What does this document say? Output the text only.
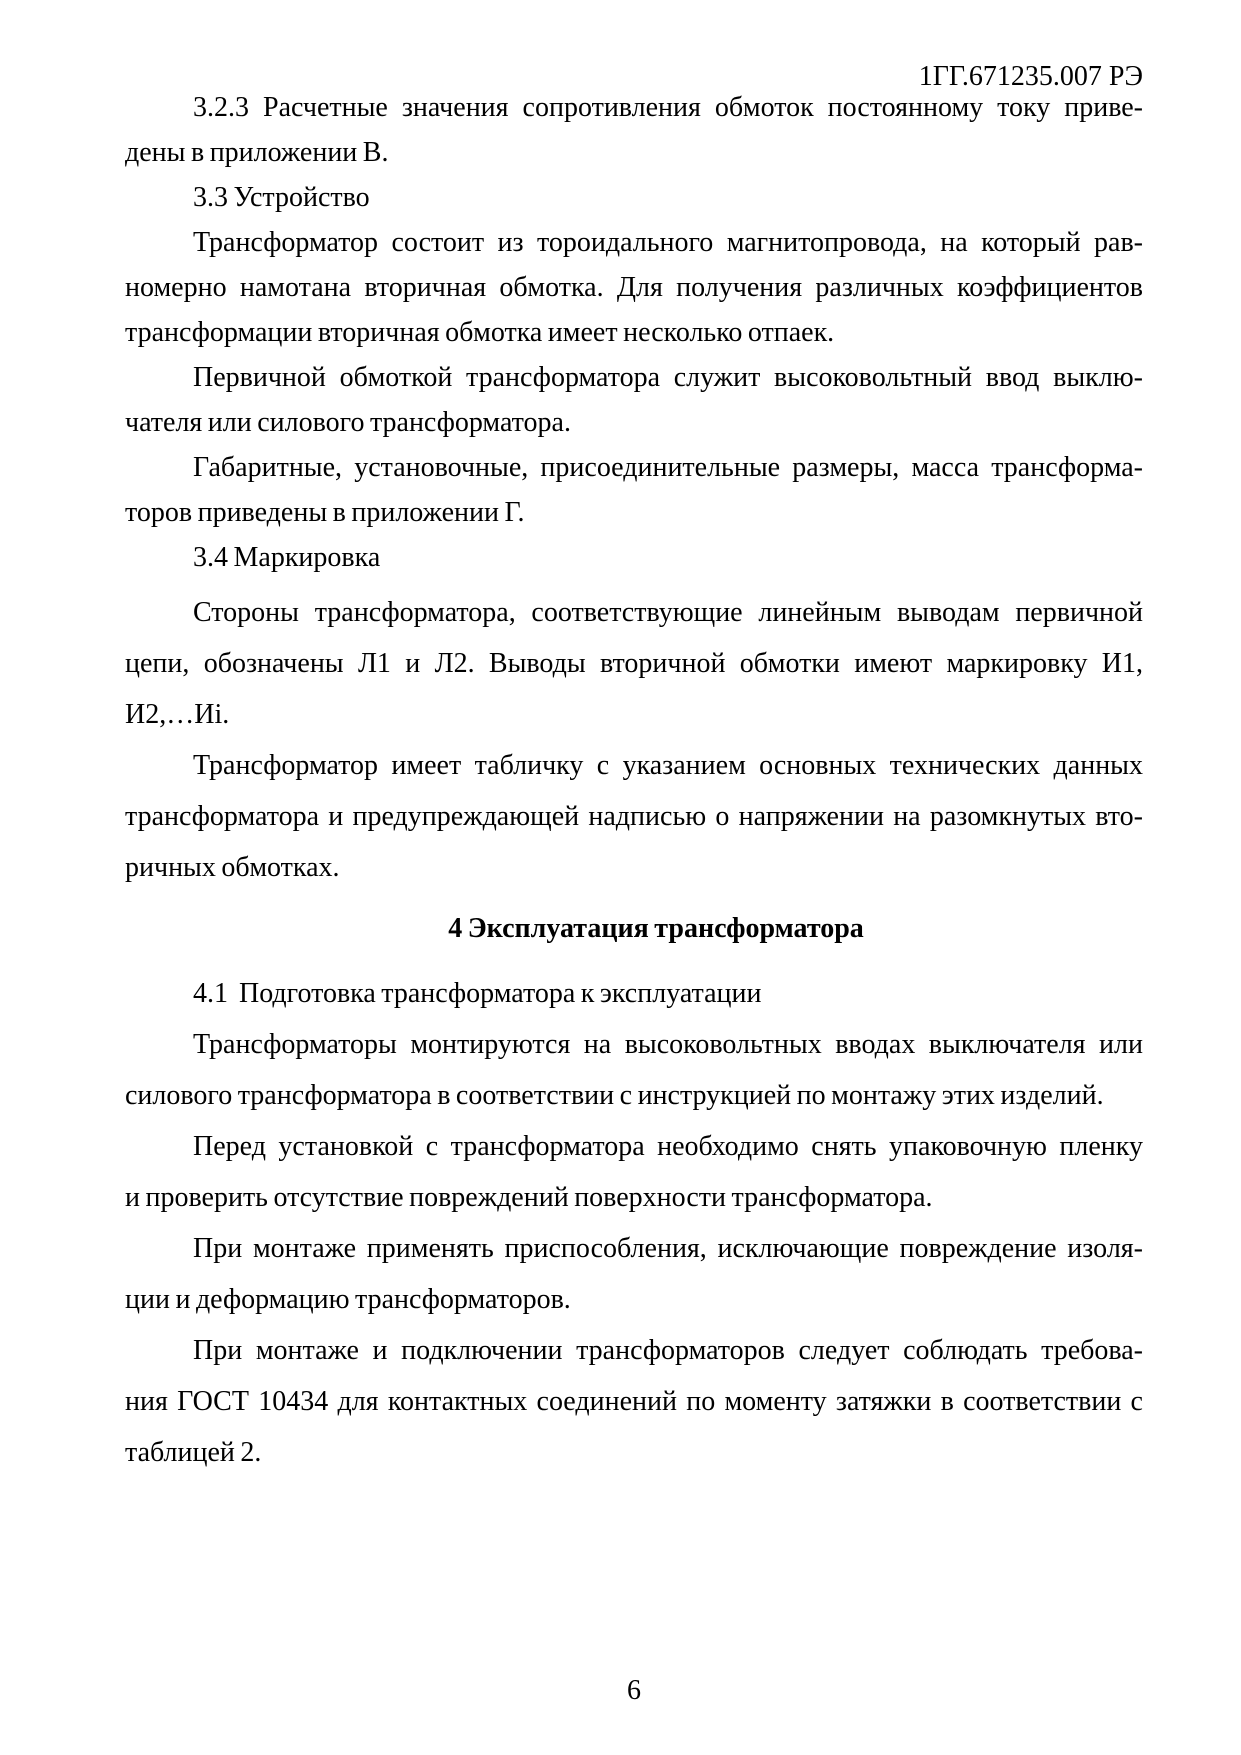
1ГГ.671235.007 РЭ
3.2.3 Расчетные значения сопротивления обмоток постоянному току приве-
дены в приложении В.
3.3 Устройство
Трансформатор состоит из тороидального магнитопровода, на который рав-
номерно намотана вторичная обмотка. Для получения различных коэффициентов
трансформации вторичная обмотка имеет несколько отпаек.
Первичной обмоткой трансформатора служит высоковольтный ввод выклю-
чателя или силового трансформатора.
Габаритные, установочные, присоединительные размеры, масса трансформа-
торов приведены в приложении Г.
3.4 Маркировка
Стороны трансформатора, соответствующие линейным выводам первичной
цепи, обозначены Л1 и Л2. Выводы вторичной обмотки имеют маркировку И1,
И2,…Иi.
Трансформатор имеет табличку с указанием основных технических данных
трансформатора и предупреждающей надписью о напряжении на разомкнутых вто-
ричных обмотках.
4 Эксплуатация трансформатора
4.1  Подготовка трансформатора к эксплуатации
Трансформаторы монтируются на высоковольтных вводах выключателя или
силового трансформатора в соответствии с инструкцией по монтажу этих изделий.
Перед установкой с трансформатора необходимо снять упаковочную пленку
и проверить отсутствие повреждений поверхности трансформатора.
При монтаже применять приспособления, исключающие повреждение изоля-
ции и деформацию трансформаторов.
При монтаже и подключении трансформаторов следует соблюдать требова-
ния ГОСТ 10434 для контактных соединений по моменту затяжки в соответствии с
таблицей 2.
6
